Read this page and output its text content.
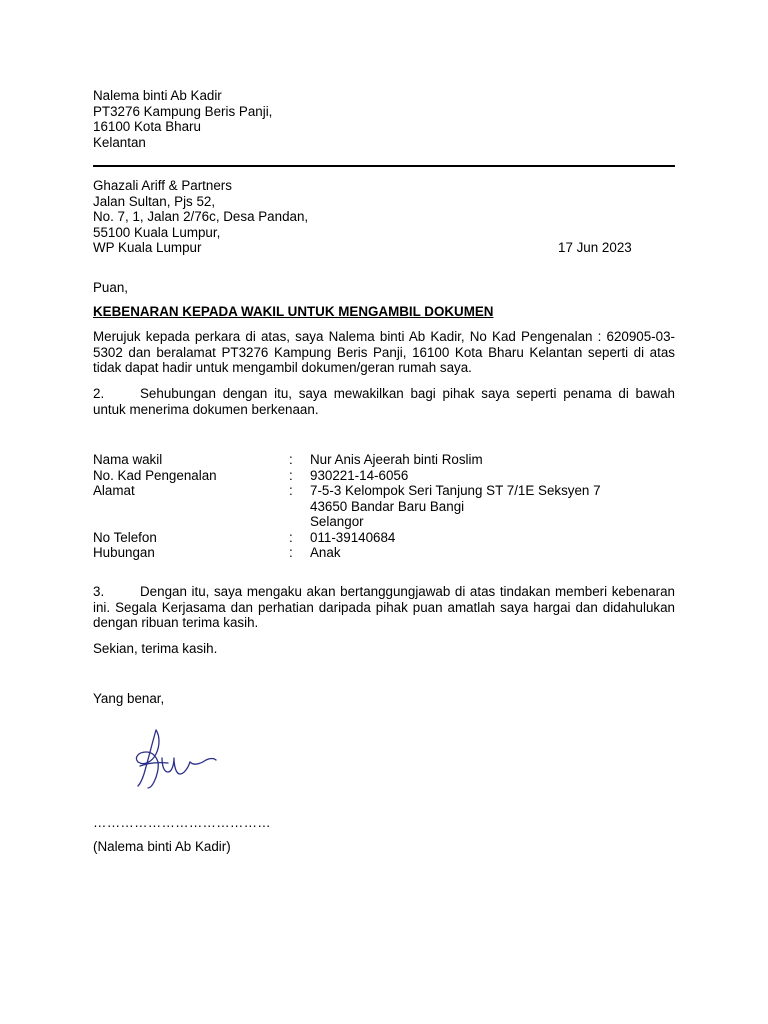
Nalema binti Ab Kadir
PT3276 Kampung Beris Panji,
16100 Kota Bharu
Kelantan
Ghazali Ariff & Partners
Jalan Sultan, Pjs 52,
No. 7, 1, Jalan 2/76c, Desa Pandan,
55100 Kuala Lumpur,
WP Kuala Lumpur	17 Jun 2023
Puan,
KEBENARAN KEPADA WAKIL UNTUK MENGAMBIL DOKUMEN
Merujuk kepada perkara di atas, saya Nalema binti Ab Kadir, No Kad Pengenalan : 620905-03-5302 dan beralamat PT3276 Kampung Beris Panji, 16100 Kota Bharu Kelantan seperti di atas tidak dapat hadir untuk mengambil dokumen/geran rumah saya.
2.	Sehubungan dengan itu, saya mewakilkan bagi pihak saya seperti penama di bawah untuk menerima dokumen berkenaan.
Nama wakil	:	Nur Anis Ajeerah binti Roslim
No. Kad Pengenalan	:	930221-14-6056
Alamat	:	7-5-3 Kelompok Seri Tanjung ST 7/1E Seksyen 7
43650 Bandar Baru Bangi
Selangor
No Telefon	:	011-39140684
Hubungan	:	Anak
3.	Dengan itu, saya mengaku akan bertanggungjawab di atas tindakan memberi kebenaran ini. Segala Kerjasama dan perhatian daripada pihak puan amatlah saya hargai dan didahulukan dengan ribuan terima kasih.
Sekian, terima kasih.
Yang benar,
…………………………………
(Nalema binti Ab Kadir)
